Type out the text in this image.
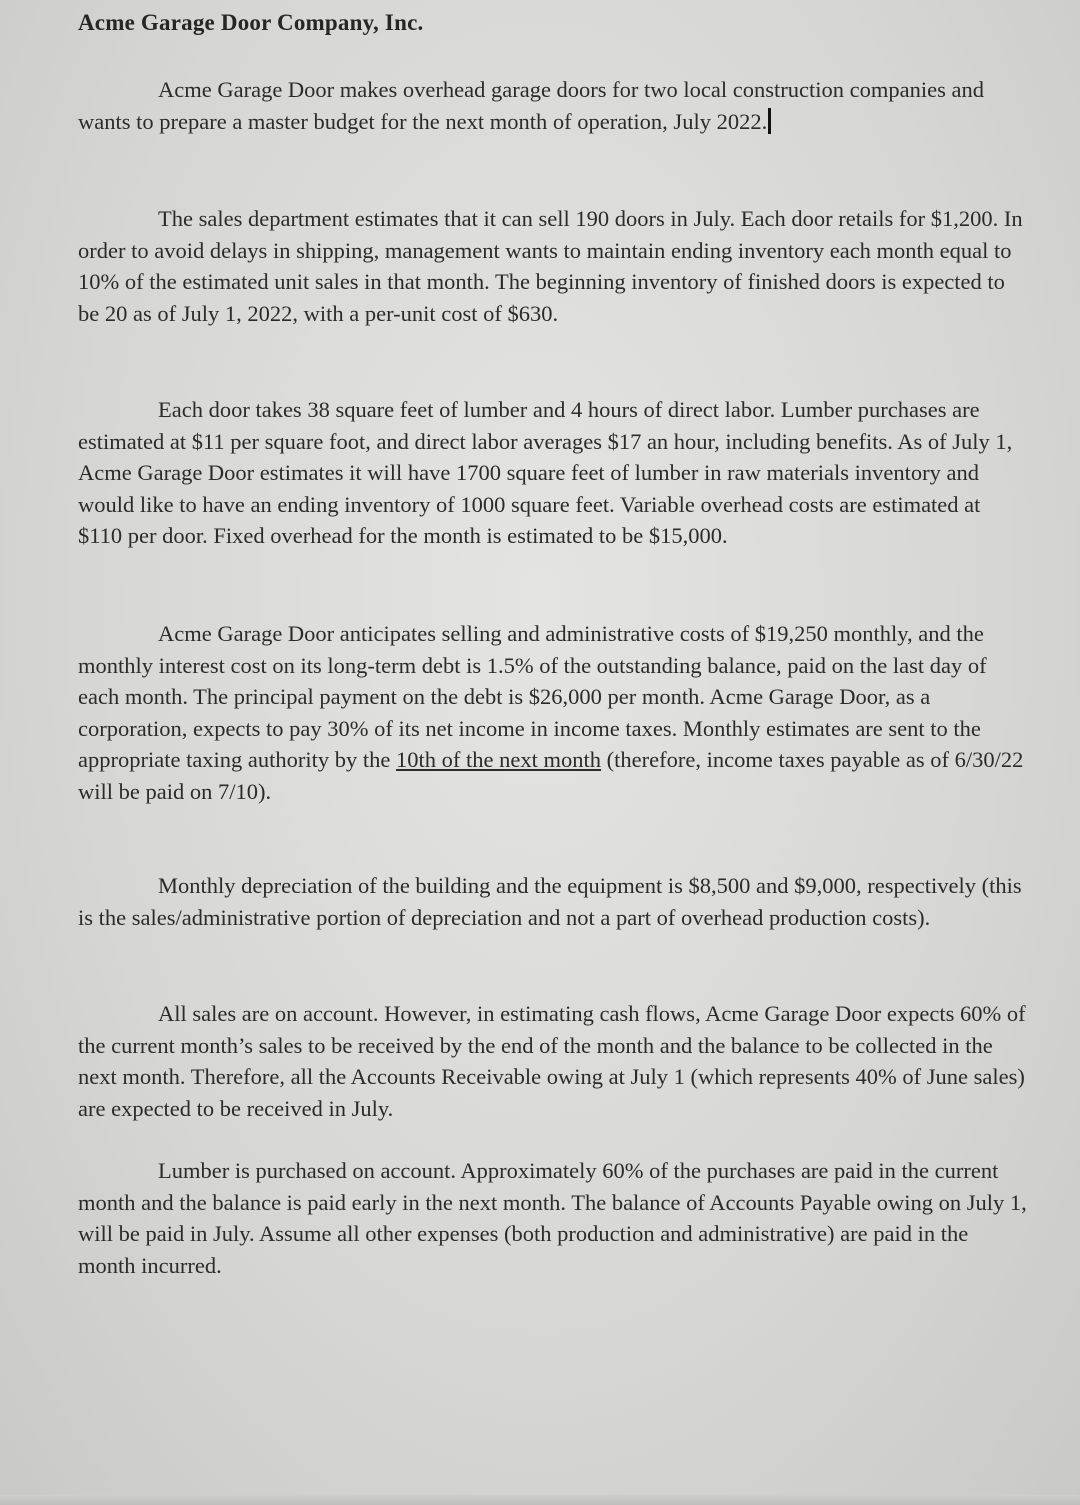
Acme Garage Door Company, Inc.

Acme Garage Door makes overhead garage doors for two local construction companies and wants to prepare a master budget for the next month of operation, July 2022.

The sales department estimates that it can sell 190 doors in July. Each door retails for $1,200. In order to avoid delays in shipping, management wants to maintain ending inventory each month equal to 10% of the estimated unit sales in that month. The beginning inventory of finished doors is expected to be 20 as of July 1, 2022, with a per-unit cost of $630.

Each door takes 38 square feet of lumber and 4 hours of direct labor. Lumber purchases are estimated at $11 per square foot, and direct labor averages $17 an hour, including benefits. As of July 1, Acme Garage Door estimates it will have 1700 square feet of lumber in raw materials inventory and would like to have an ending inventory of 1000 square feet. Variable overhead costs are estimated at $110 per door. Fixed overhead for the month is estimated to be $15,000.

Acme Garage Door anticipates selling and administrative costs of $19,250 monthly, and the monthly interest cost on its long-term debt is 1.5% of the outstanding balance, paid on the last day of each month. The principal payment on the debt is $26,000 per month. Acme Garage Door, as a corporation, expects to pay 30% of its net income in income taxes. Monthly estimates are sent to the appropriate taxing authority by the 10th of the next month (therefore, income taxes payable as of 6/30/22 will be paid on 7/10).

Monthly depreciation of the building and the equipment is $8,500 and $9,000, respectively (this is the sales/administrative portion of depreciation and not a part of overhead production costs).

All sales are on account. However, in estimating cash flows, Acme Garage Door expects 60% of the current month’s sales to be received by the end of the month and the balance to be collected in the next month. Therefore, all the Accounts Receivable owing at July 1 (which represents 40% of June sales) are expected to be received in July.

Lumber is purchased on account. Approximately 60% of the purchases are paid in the current month and the balance is paid early in the next month. The balance of Accounts Payable owing on July 1, will be paid in July. Assume all other expenses (both production and administrative) are paid in the month incurred.
